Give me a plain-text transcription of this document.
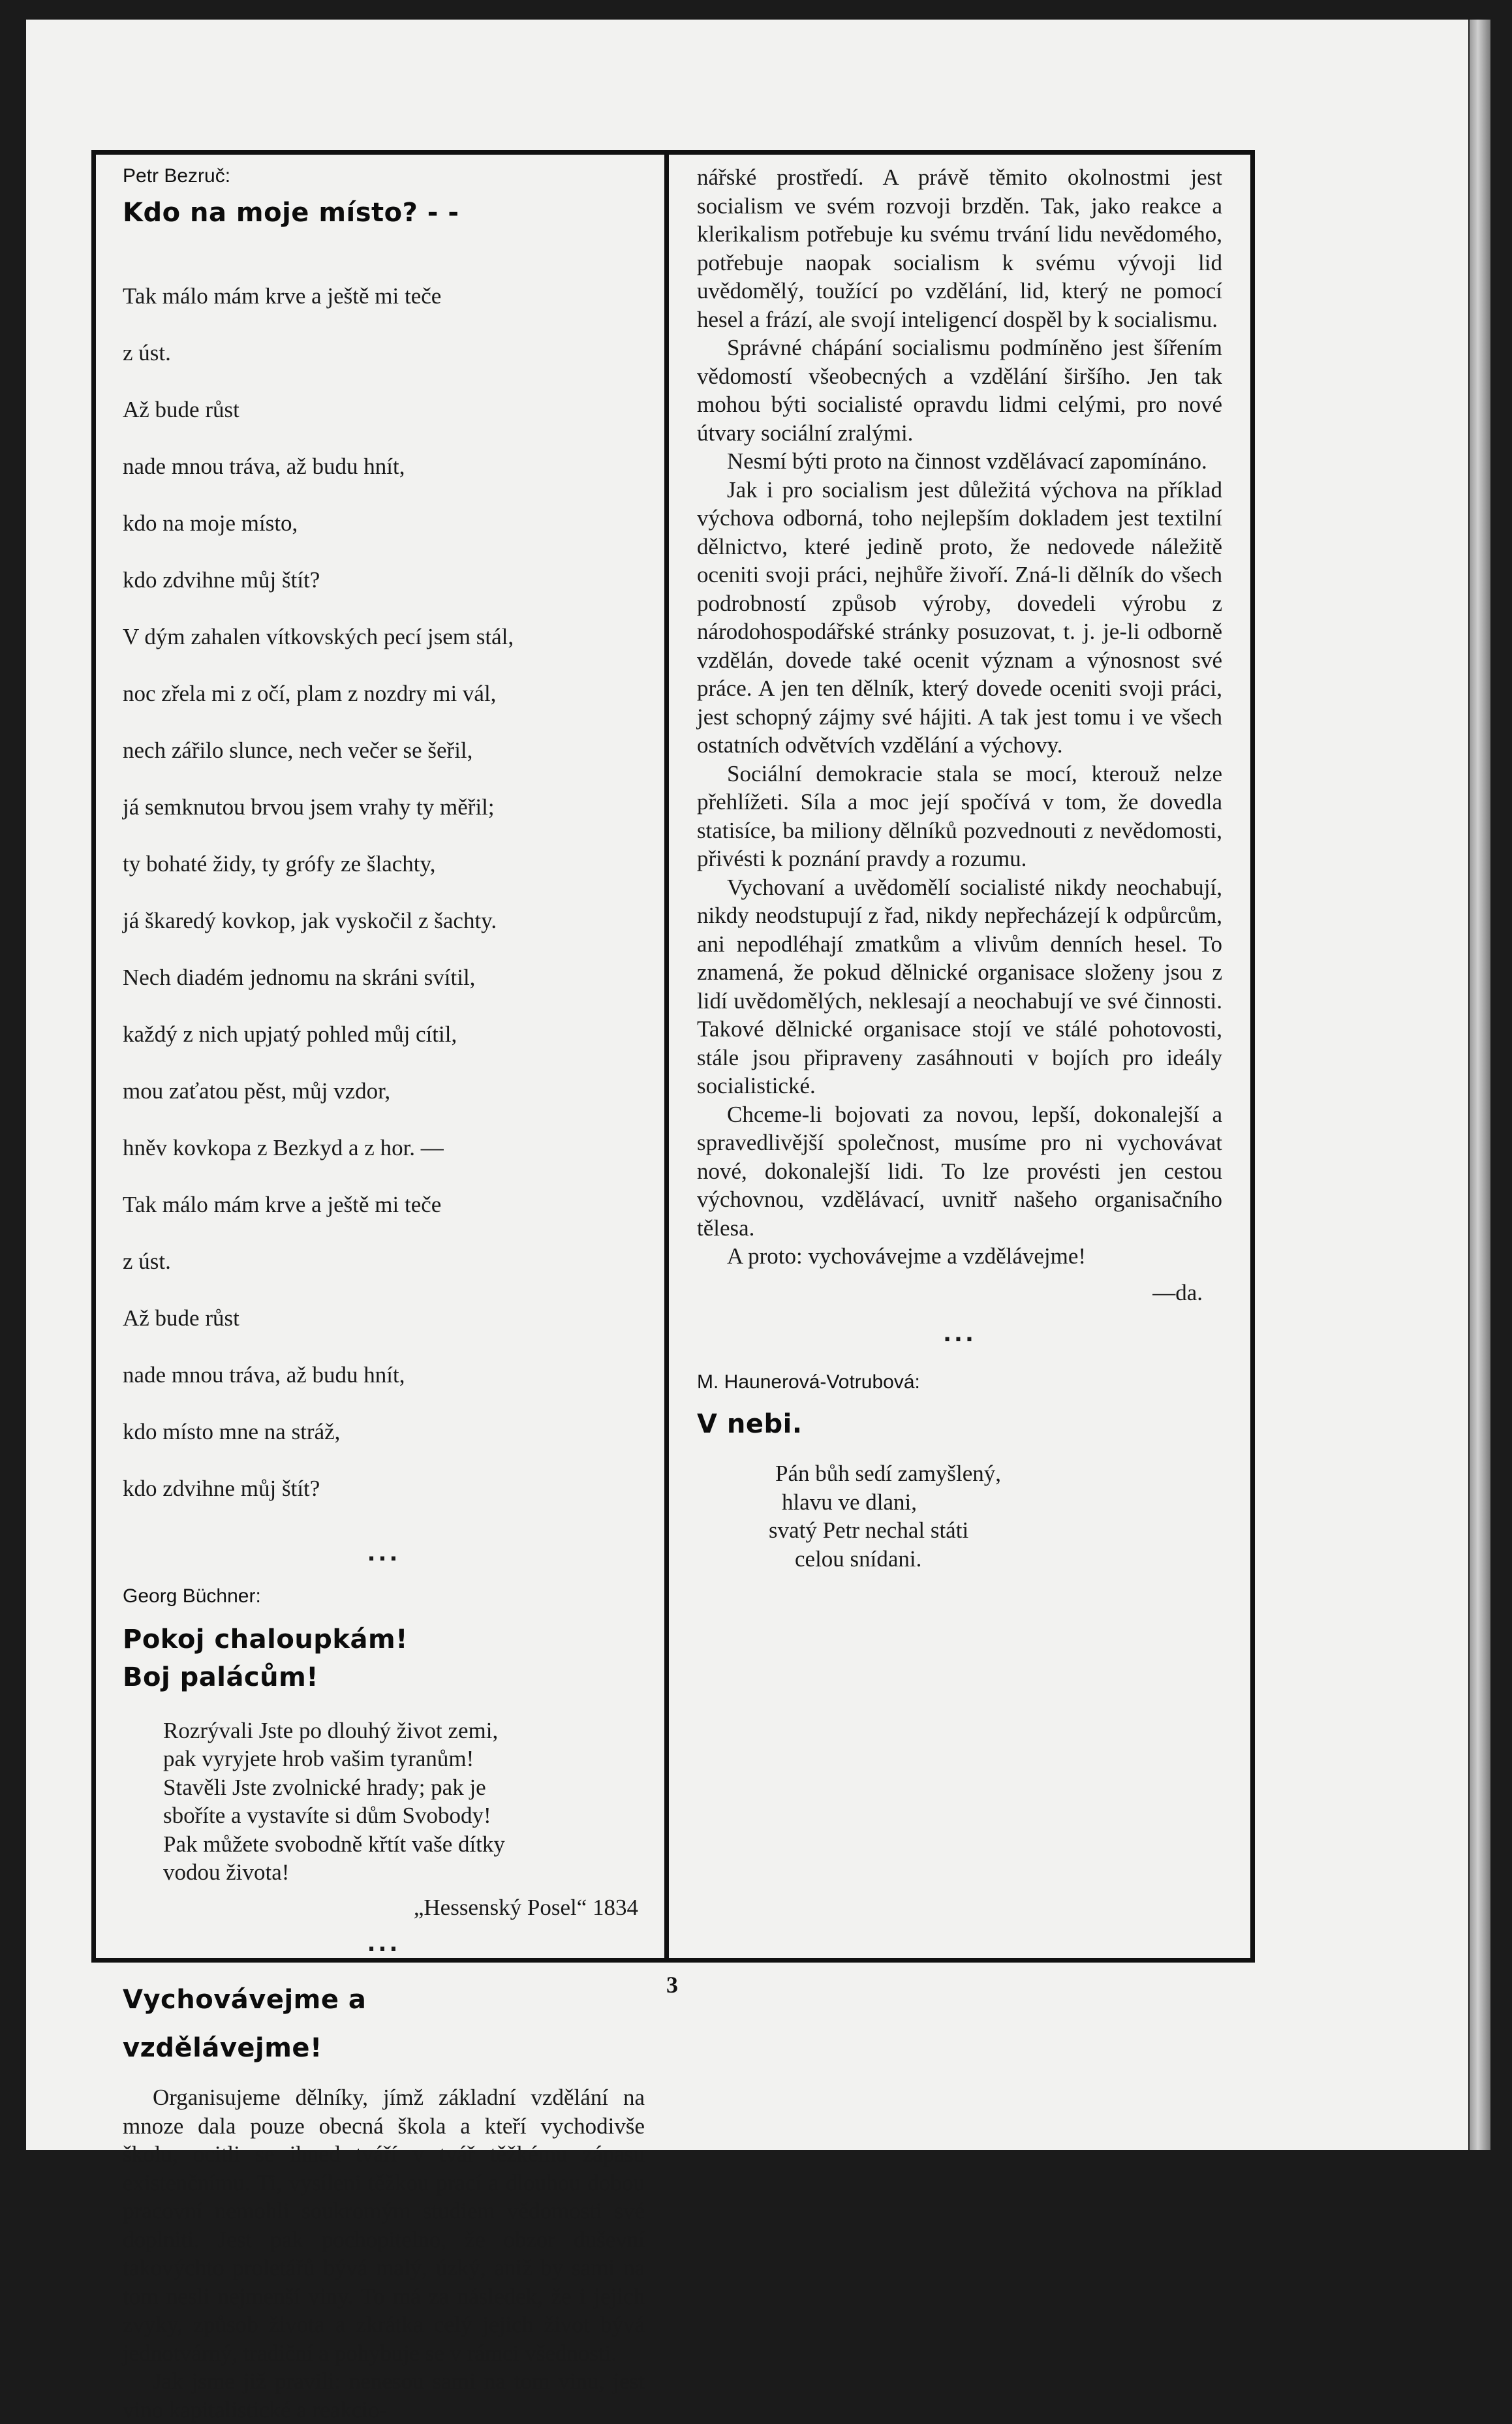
Petr Bezruč:

Kdo na moje místo? - -

Tak málo mám krve a ještě mi teče

z úst.

Až bude růst

nade mnou tráva, až budu hnít,

kdo na moje místo,

kdo zdvihne můj štít?

V dým zahalen vítkovských pecí jsem stál,

noc zřela mi z očí, plam z nozdry mi vál,

nech zářilo slunce, nech večer se šeřil,

já semknutou brvou jsem vrahy ty měřil;

ty bohaté židy, ty grófy ze šlachty,

já škaredý kovkop, jak vyskočil z šachty.

Nech diadém jednomu na skráni svítil,

každý z nich upjatý pohled můj cítil,

mou zaťatou pěst, můj vzdor,

hněv kovkopa z Bezkyd a z hor. —

Tak málo mám krve a ještě mi teče

z úst.

Až bude růst

nade mnou tráva, až budu hnít,

kdo místo mne na stráž,

kdo zdvihne můj štít?

...

Georg Büchner:

Pokoj chaloupkám!
Boj palácům!
Rozrývali Jste po dlouhý život zemi,
pak vyryjete hrob vašim tyranům!
Stavěli Jste zvolnické hrady; pak je
sboříte a vystavíte si dům Svobody!
Pak můžete svobodně křtít vaše dítky
vodou života!

„Hessenský Posel“ 1834

...
Vychovávejme a
vzdělávejme!

Organisujeme dělníky, jímž základní vzdělání na mnoze dala pouze obecná škola a kteří vychodivše školu, ocitli se ihned tváří v tvář těžkému zápasu existenčnímu. Ti, vysíleni těžkou prací a dlouhou dobou pracovní nemohli soukromým studiem vědomosti své doplniti. Jest pak pochopitelno, že obzor duševní takovýchto proletářů bývá malý, úzký, aniž by sami na tom nesli nejmenší viny. To má za následek, že i jejich zvyky, způsob života a zkrátka celý jejich život bývá jednotvárný, tradiční a pohybuje se v rámci všednosti.

Jak jsme již pravili: nenesou sami na tom vinu, jest vino kapitalistické a reakcio-

nářské prostředí. A právě těmito okolnostmi jest socialism ve svém rozvoji brzděn. Tak, jako reakce a klerikalism potřebuje ku svému trvání lidu nevědomého, potřebuje naopak socialism k svému vývoji lid uvědomělý, toužící po vzdělání, lid, který ne pomocí hesel a frází, ale svojí inteligencí dospěl by k socialismu.

Správné chápání socialismu podmíněno jest šířením vědomostí všeobecných a vzdělání širšího. Jen tak mohou býti socialisté opravdu lidmi celými, pro nové útvary sociální zralými.

Nesmí býti proto na činnost vzdělávací zapomínáno.

Jak i pro socialism jest důležitá výchova na příklad výchova odborná, toho nejlepším dokladem jest textilní dělnictvo, které jedině proto, že nedovede náležitě oceniti svoji práci, nejhůře živoří. Zná-li dělník do všech podrobností způsob výroby, dovedeli výrobu z národohospodářské stránky posuzovat, t. j. je-li odborně vzdělán, dovede také ocenit význam a výnosnost své práce. A jen ten dělník, který dovede oceniti svoji práci, jest schopný zájmy své hájiti. A tak jest tomu i ve všech ostatních odvětvích vzdělání a výchovy.

Sociální demokracie stala se mocí, kterouž nelze přehlížeti. Síla a moc její spočívá v tom, že dovedla statisíce, ba miliony dělníků pozvednouti z nevědomosti, přivésti k poznání pravdy a rozumu.

Vychovaní a uvědomělí socialisté nikdy neochabují, nikdy neodstupují z řad, nikdy nepřecházejí k odpůrcům, ani nepodléhají zmatkům a vlivům denních hesel. To znamená, že pokud dělnické organisace složeny jsou z lidí uvědomělých, neklesají a neochabují ve své činnosti. Takové dělnické organisace stojí ve stálé pohotovosti, stále jsou připraveny zasáhnouti v bojích pro ideály socialistické.

Chceme-li bojovati za novou, lepší, dokonalejší a spravedlivější společnost, musíme pro ni vychovávat nové, dokonalejší lidi. To lze provésti jen cestou výchovnou, vzdělávací, uvnitř našeho organisačního tělesa.

A proto: vychovávejme a vzdělávejme!

—da.

...

M. Haunerová-Votrubová:

V nebi.
Pán bůh sedí zamyšlený,
hlavu ve dlani,
svatý Petr nechal státi
celou snídani.
3
